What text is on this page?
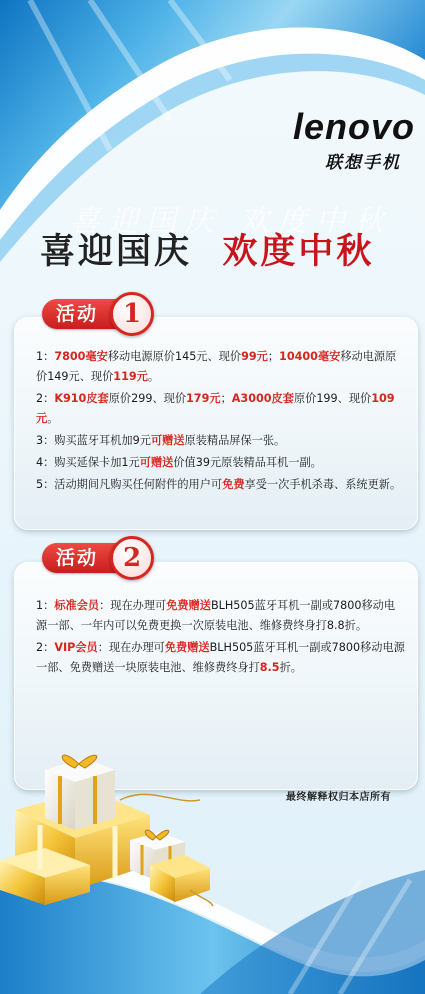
lenovo
联想手机
喜迎国庆 欢度中秋
喜迎国庆 欢度中秋
活动 1
1：7800毫安移动电源原价145元、现价99元；10400毫安移动电源原价149元、现价119元。
2：K910皮套原价299、现价179元；A3000皮套原价199、现价109元。
3：购买蓝牙耳机加9元可赠送原装精品屏保一张。
4：购买延保卡加1元可赠送价值39元原装精品耳机一副。
5：活动期间凡购买任何附件的用户可免费享受一次手机杀毒、系统更新。
活动 2
1：标准会员：现在办理可免费赠送BLH505蓝牙耳机一副或7800移动电源一部、一年内可以免费更换一次原装电池、维修费终身打8.8折。
2：VIP会员：现在办理可免费赠送BLH505蓝牙耳机一副或7800移动电源一部、免费赠送一块原装电池、维修费终身打8.5折。
最终解释权归本店所有
